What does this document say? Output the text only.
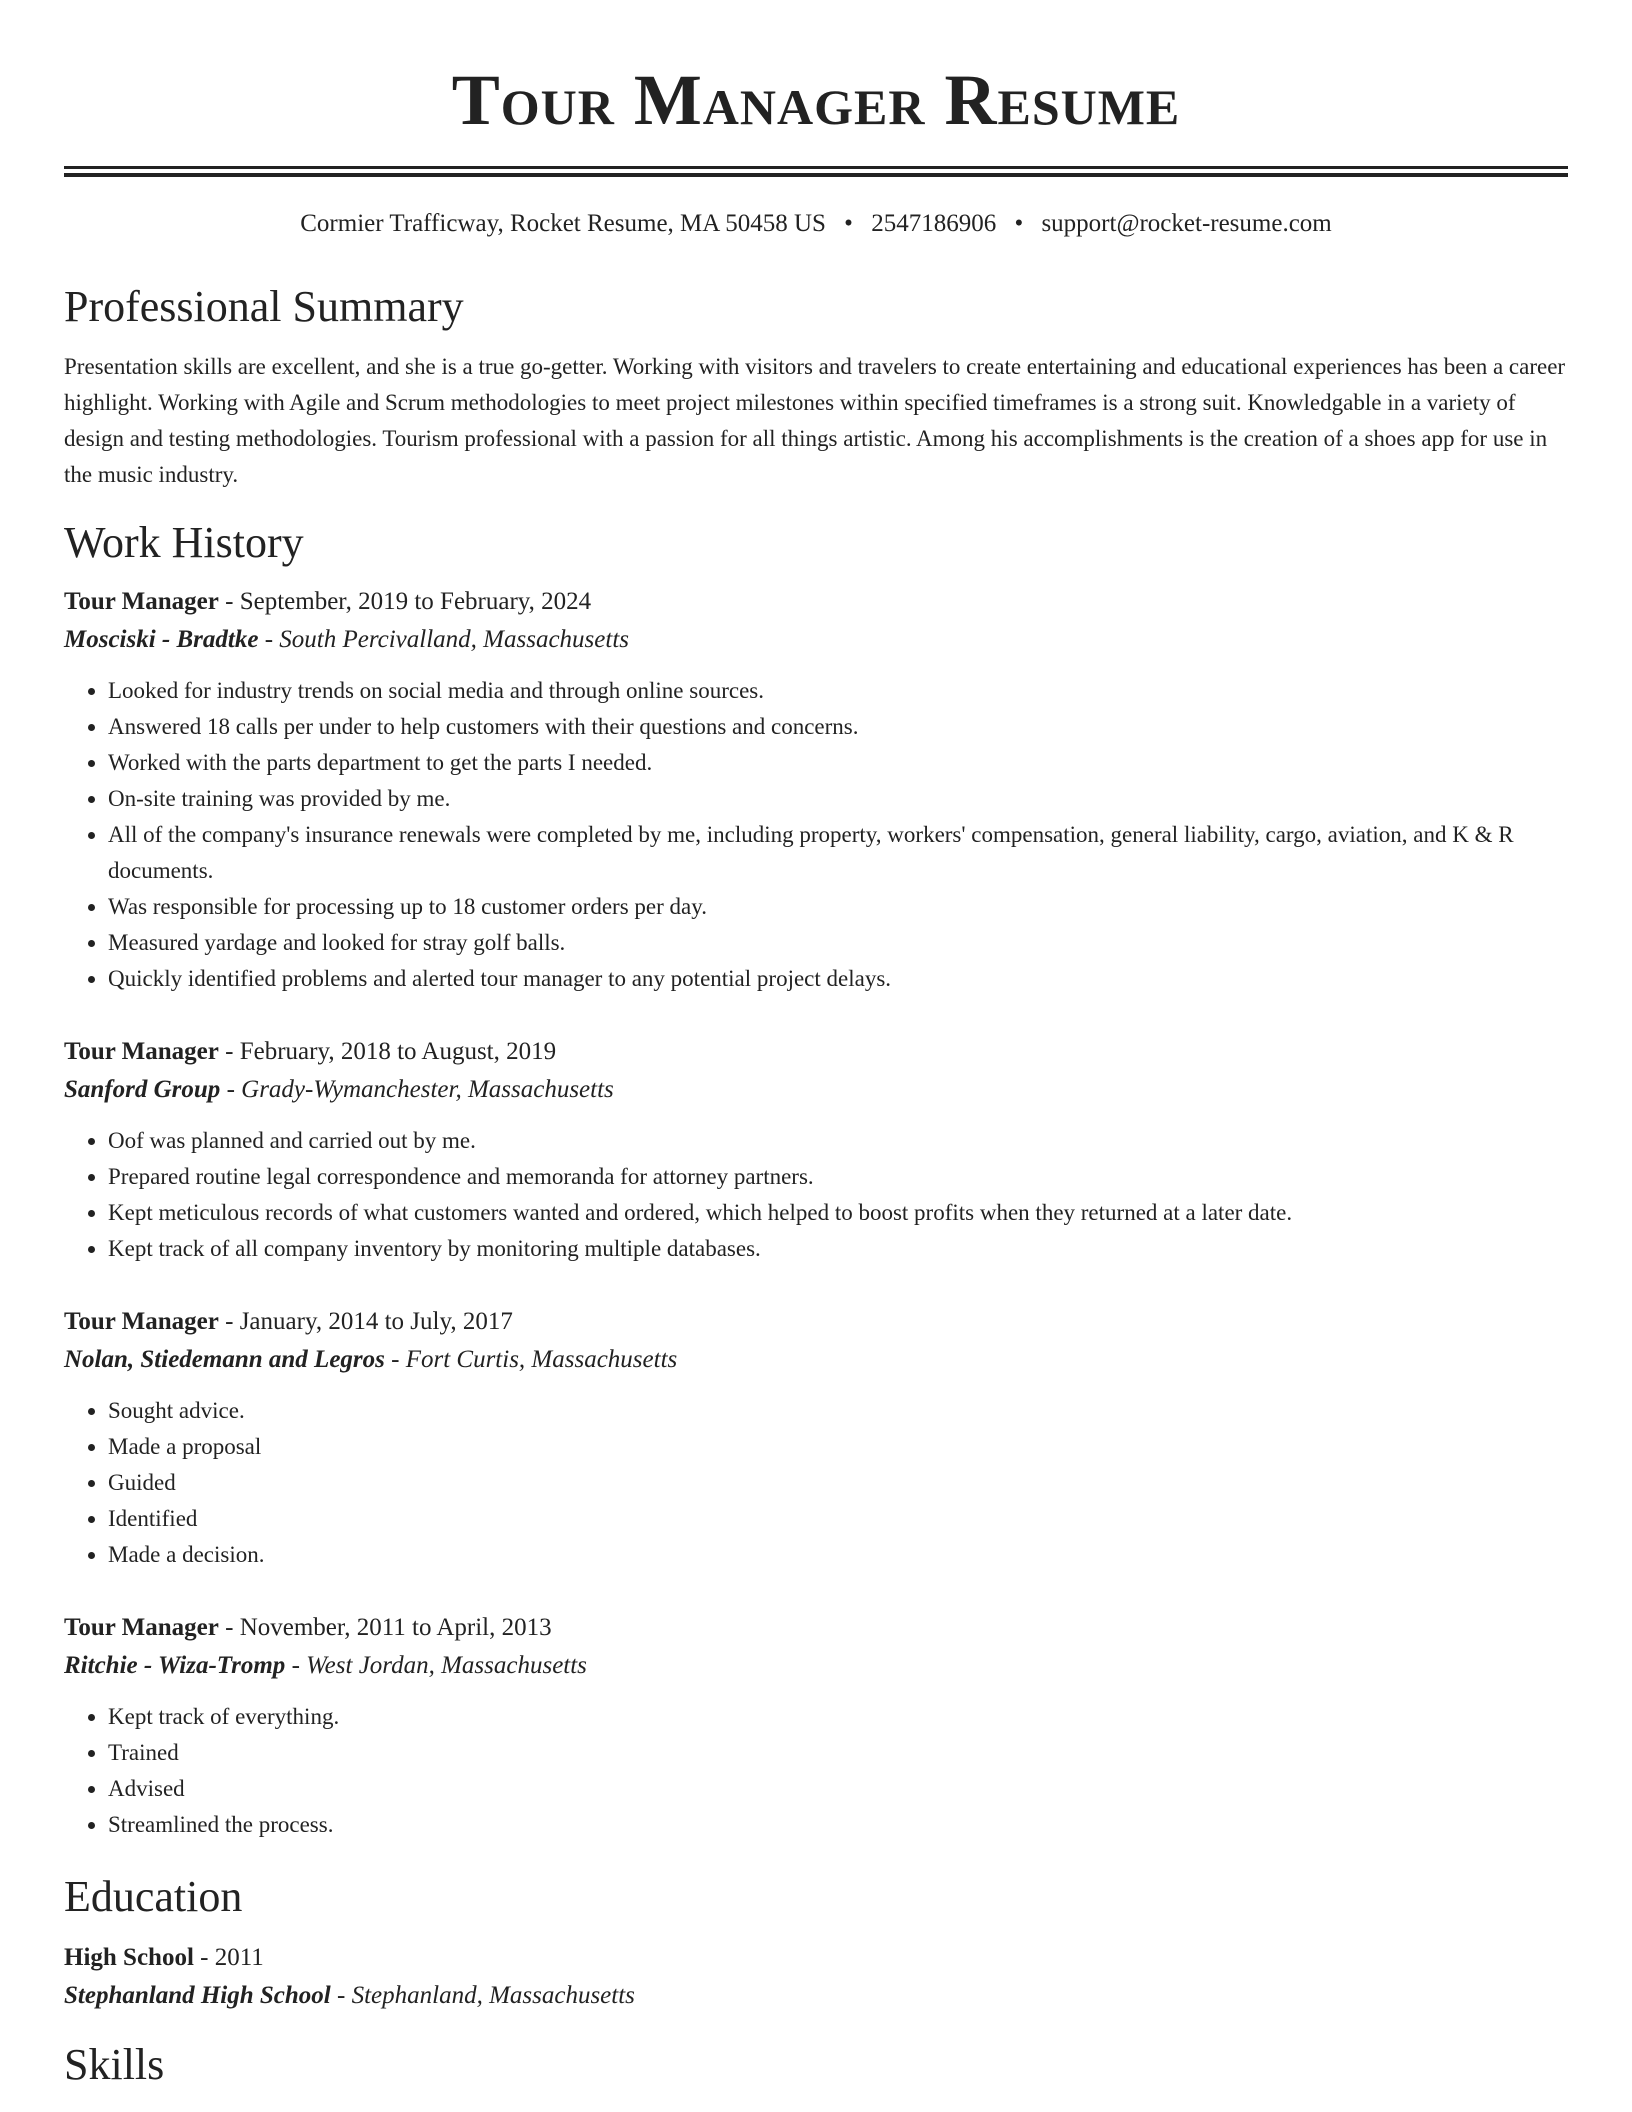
Tour Manager Resume
Cormier Trafficway, Rocket Resume, MA 50458 US • 2547186906 • support@rocket-resume.com
Professional Summary

Presentation skills are excellent, and she is a true go-getter. Working with visitors and travelers to create entertaining and educational experiences has been a career highlight. Working with Agile and Scrum methodologies to meet project milestones within specified timeframes is a strong suit. Knowledgable in a variety of design and testing methodologies. Tourism professional with a passion for all things artistic. Among his accomplishments is the creation of a shoes app for use in the music industry.

Work History
Tour Manager - September, 2019 to February, 2024
Mosciski - Bradtke - South Percivalland, Massachusetts
• Looked for industry trends on social media and through online sources.
• Answered 18 calls per under to help customers with their questions and concerns.
• Worked with the parts department to get the parts I needed.
• On-site training was provided by me.
• All of the company's insurance renewals were completed by me, including property, workers' compensation, general liability, cargo, aviation, and K & R documents.
• Was responsible for processing up to 18 customer orders per day.
• Measured yardage and looked for stray golf balls.
• Quickly identified problems and alerted tour manager to any potential project delays.
Tour Manager - February, 2018 to August, 2019
Sanford Group - Grady-Wymanchester, Massachusetts
• Oof was planned and carried out by me.
• Prepared routine legal correspondence and memoranda for attorney partners.
• Kept meticulous records of what customers wanted and ordered, which helped to boost profits when they returned at a later date.
• Kept track of all company inventory by monitoring multiple databases.
Tour Manager - January, 2014 to July, 2017
Nolan, Stiedemann and Legros - Fort Curtis, Massachusetts
• Sought advice.
• Made a proposal
• Guided
• Identified
• Made a decision.
Tour Manager - November, 2011 to April, 2013
Ritchie - Wiza-Tromp - West Jordan, Massachusetts
• Kept track of everything.
• Trained
• Advised
• Streamlined the process.
Education
High School - 2011
Stephanland High School - Stephanland, Massachusetts
Skills
